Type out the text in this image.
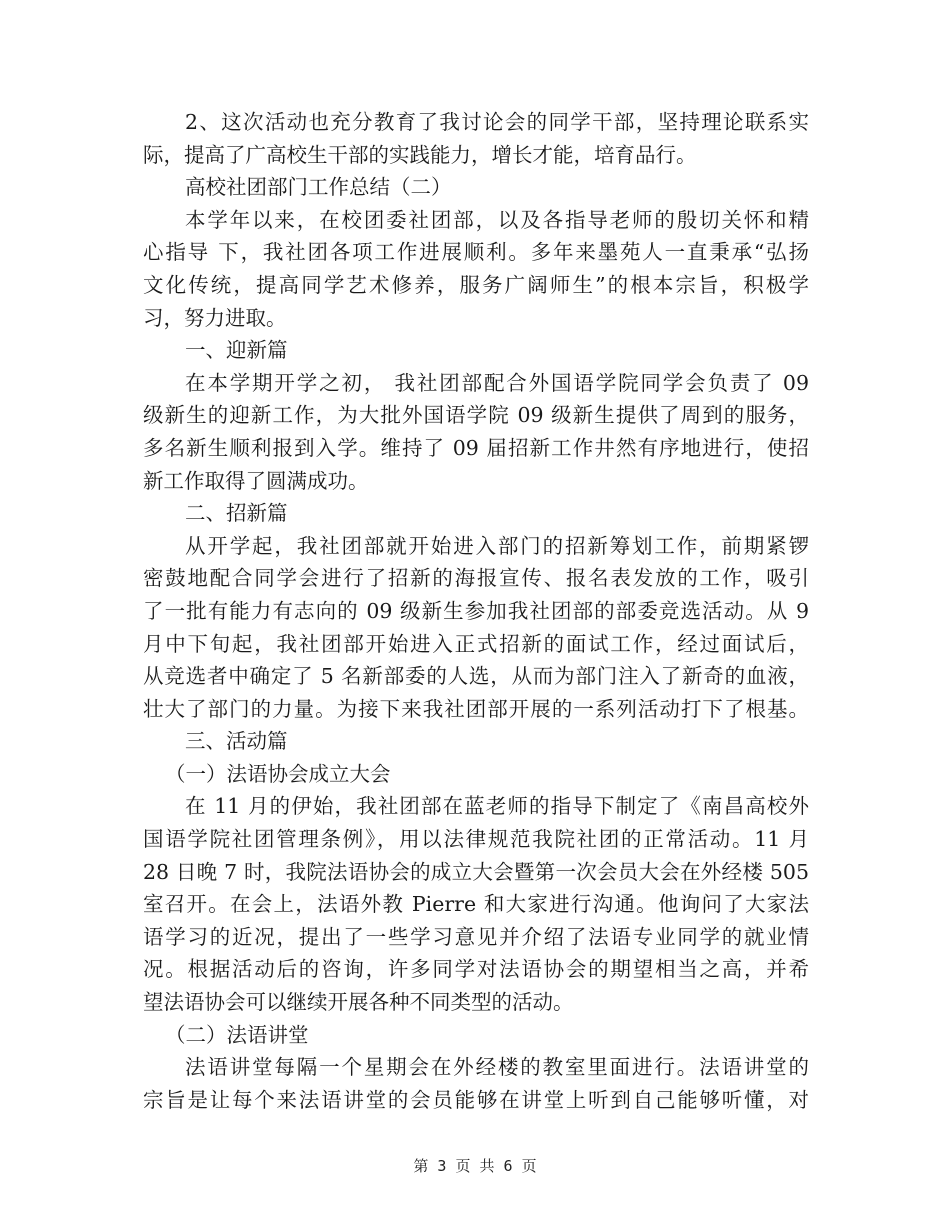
2、这次活动也充分教育了我讨论会的同学干部，坚持理论联系实
际，提高了广高校生干部的实践能力，增长才能，培育品行。
高校社团部门工作总结（二）
本学年以来，在校团委社团部，以及各指导老师的殷切关怀和精
心指导 下，我社团各项工作进展顺利。多年来墨苑人一直秉承“弘扬
文化传统，提高同学艺术修养，服务广阔师生”的根本宗旨，积极学
习，努力进取。
一、迎新篇
在本学期开学之初， 我社团部配合外国语学院同学会负责了 09
级新生的迎新工作，为大批外国语学院 09 级新生提供了周到的服务，
多名新生顺利报到入学。维持了 09 届招新工作井然有序地进行，使招
新工作取得了圆满成功。
二、招新篇
从开学起，我社团部就开始进入部门的招新筹划工作，前期紧锣
密鼓地配合同学会进行了招新的海报宣传、报名表发放的工作，吸引
了一批有能力有志向的 09 级新生参加我社团部的部委竞选活动。从 9
月中下旬起，我社团部开始进入正式招新的面试工作，经过面试后，
从竞选者中确定了 5 名新部委的人选，从而为部门注入了新奇的血液，
壮大了部门的力量。为接下来我社团部开展的一系列活动打下了根基。
三、活动篇
（一）法语协会成立大会
在 11 月的伊始，我社团部在蓝老师的指导下制定了《南昌高校外
国语学院社团管理条例》，用以法律规范我院社团的正常活动。11 月
28 日晚 7 时，我院法语协会的成立大会暨第一次会员大会在外经楼 505
室召开。在会上，法语外教 Pierre 和大家进行沟通。他询问了大家法
语学习的近况，提出了一些学习意见并介绍了法语专业同学的就业情
况。根据活动后的咨询，许多同学对法语协会的期望相当之高，并希
望法语协会可以继续开展各种不同类型的活动。
（二）法语讲堂
法语讲堂每隔一个星期会在外经楼的教室里面进行。法语讲堂的
宗旨是让每个来法语讲堂的会员能够在讲堂上听到自己能够听懂，对
第 3 页 共 6 页
